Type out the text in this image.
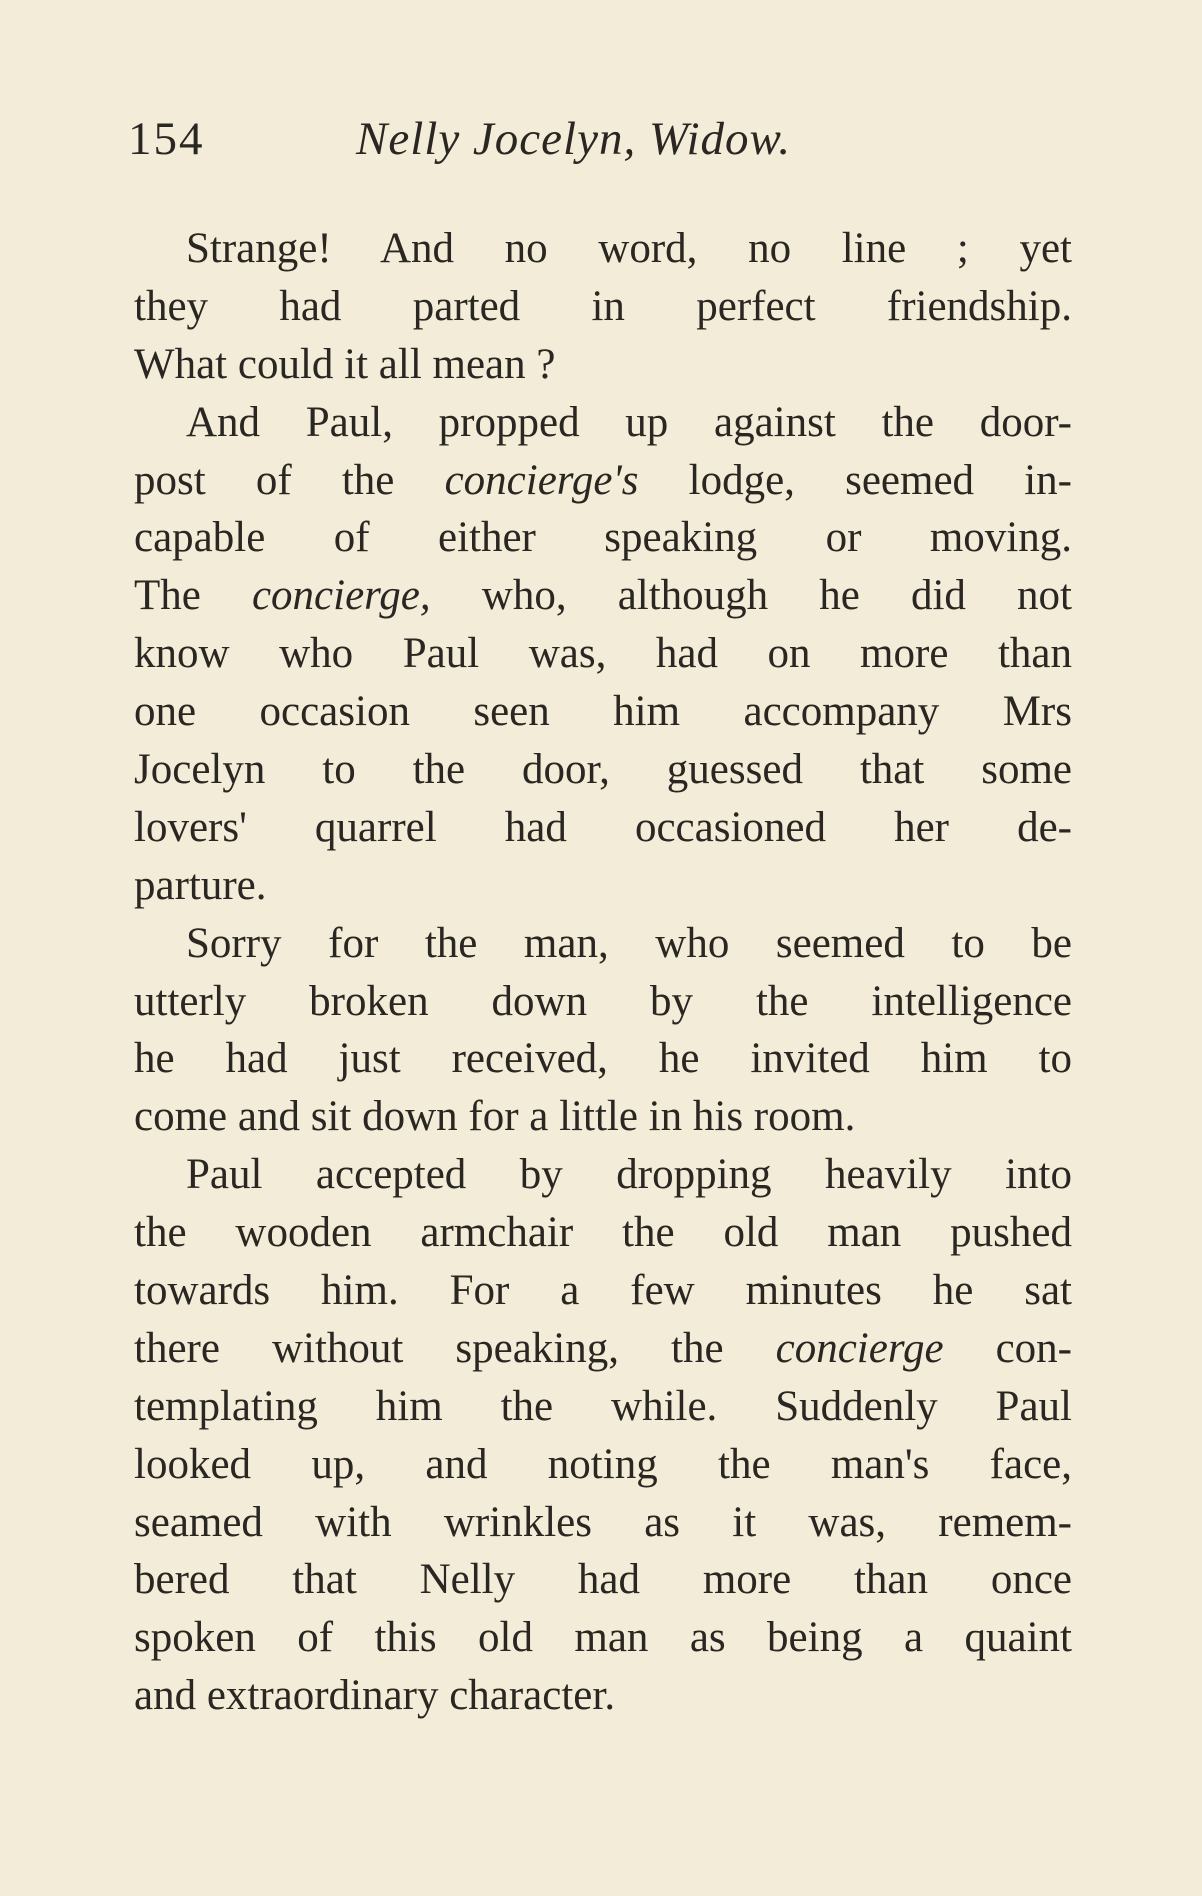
154	Nelly Jocelyn, Widow.
Strange! And no word, no line ; yet
they had parted in perfect friendship.
What could it all mean ?
And Paul, propped up against the door-
post of the concierge's lodge, seemed in-
capable of either speaking or moving.
The concierge, who, although he did not
know who Paul was, had on more than
one occasion seen him accompany Mrs
Jocelyn to the door, guessed that some
lovers' quarrel had occasioned her de-
parture.
Sorry for the man, who seemed to be
utterly broken down by the intelligence
he had just received, he invited him to
come and sit down for a little in his room.
Paul accepted by dropping heavily into
the wooden armchair the old man pushed
towards him. For a few minutes he sat
there without speaking, the concierge con-
templating him the while. Suddenly Paul
looked up, and noting the man's face,
seamed with wrinkles as it was, remem-
bered that Nelly had more than once
spoken of this old man as being a quaint
and extraordinary character.
